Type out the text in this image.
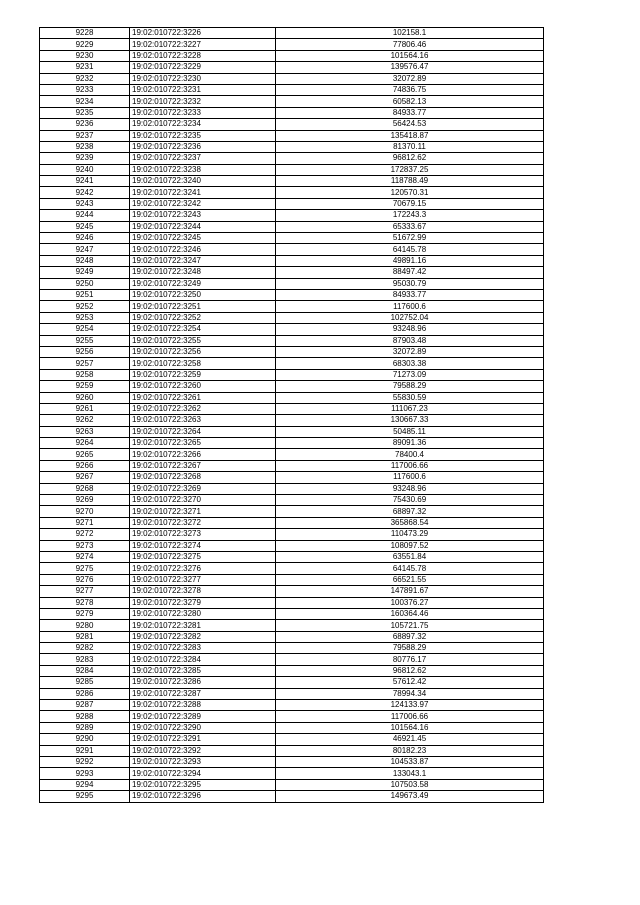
9228	19:02:010722:3226	102158.1
9229	19:02:010722:3227	77806.46
9230	19:02:010722:3228	101564.16
9231	19:02:010722:3229	139576.47
9232	19:02:010722:3230	32072.89
9233	19:02:010722:3231	74836.75
9234	19:02:010722:3232	60582.13
9235	19:02:010722:3233	84933.77
9236	19:02:010722:3234	56424.53
9237	19:02:010722:3235	135418.87
9238	19:02:010722:3236	81370.11
9239	19:02:010722:3237	96812.62
9240	19:02:010722:3238	172837.25
9241	19:02:010722:3240	118788.49
9242	19:02:010722:3241	120570.31
9243	19:02:010722:3242	70679.15
9244	19:02:010722:3243	172243.3
9245	19:02:010722:3244	65333.67
9246	19:02:010722:3245	51672.99
9247	19:02:010722:3246	64145.78
9248	19:02:010722:3247	49891.16
9249	19:02:010722:3248	88497.42
9250	19:02:010722:3249	95030.79
9251	19:02:010722:3250	84933.77
9252	19:02:010722:3251	117600.6
9253	19:02:010722:3252	102752.04
9254	19:02:010722:3254	93248.96
9255	19:02:010722:3255	87903.48
9256	19:02:010722:3256	32072.89
9257	19:02:010722:3258	68303.38
9258	19:02:010722:3259	71273.09
9259	19:02:010722:3260	79588.29
9260	19:02:010722:3261	55830.59
9261	19:02:010722:3262	111067.23
9262	19:02:010722:3263	130667.33
9263	19:02:010722:3264	50485.11
9264	19:02:010722:3265	89091.36
9265	19:02:010722:3266	78400.4
9266	19:02:010722:3267	117006.66
9267	19:02:010722:3268	117600.6
9268	19:02:010722:3269	93248.96
9269	19:02:010722:3270	75430.69
9270	19:02:010722:3271	68897.32
9271	19:02:010722:3272	365868.54
9272	19:02:010722:3273	110473.29
9273	19:02:010722:3274	108097.52
9274	19:02:010722:3275	63551.84
9275	19:02:010722:3276	64145.78
9276	19:02:010722:3277	66521.55
9277	19:02:010722:3278	147891.67
9278	19:02:010722:3279	100376.27
9279	19:02:010722:3280	160364.46
9280	19:02:010722:3281	105721.75
9281	19:02:010722:3282	68897.32
9282	19:02:010722:3283	79588.29
9283	19:02:010722:3284	80776.17
9284	19:02:010722:3285	96812.62
9285	19:02:010722:3286	57612.42
9286	19:02:010722:3287	78994.34
9287	19:02:010722:3288	124133.97
9288	19:02:010722:3289	117006.66
9289	19:02:010722:3290	101564.16
9290	19:02:010722:3291	46921.45
9291	19:02:010722:3292	80182.23
9292	19:02:010722:3293	104533.87
9293	19:02:010722:3294	133043.1
9294	19:02:010722:3295	107503.58
9295	19:02:010722:3296	149673.49
